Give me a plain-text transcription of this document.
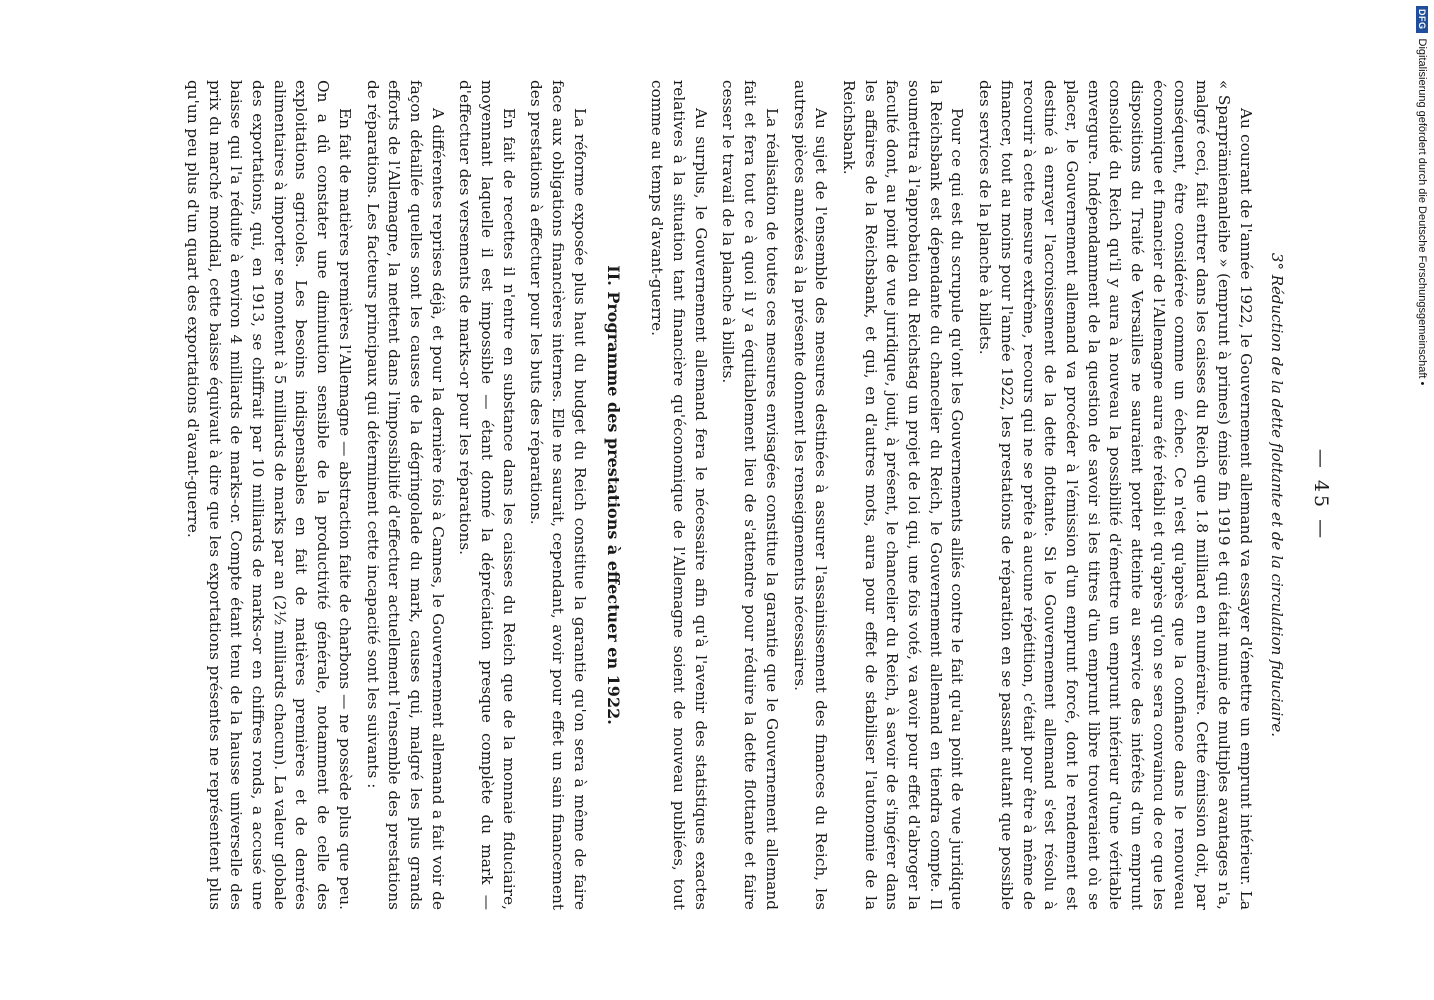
— 45 —
3° Réduction de la dette flottante et de la circulation fiduciaire.

Au courant de l'année 1922, le Gouvernement allemand va essayer d'émettre un emprunt intérieur. La « Sparprämienanleihe » (emprunt à primes) émise fin 1919 et qui était munie de multiples avantages n'a, malgré ceci, fait entrer dans les caisses du Reich que 1.8 milliard en numéraire. Cette émission doit, par conséquent, être considérée comme un échec. Ce n'est qu'après que la confiance dans le renouveau économique et financier de l'Allemagne aura été rétabli et qu'après qu'on se sera convaincu de ce que les dispositions du Traité de Versailles ne sauraient porter atteinte au service des intérêts d'un emprunt consolidé du Reich qu'il y aura à nouveau la possibilité d'émettre un emprunt intérieur d'une véritable envergure. Indépendamment de la question de savoir si les titres d'un emprunt libre trouveraient où se placer, le Gouvernement allemand va procéder à l'émission d'un emprunt forcé, dont le rendement est destiné à enrayer l'accroissement de la dette flottante. Si le Gouvernement allemand s'est résolu à recourir à cette mesure extrême, recours qui ne se prête à aucune répétition, c'était pour être à même de financer, tout au moins pour l'année 1922, les prestations de réparation en se passant autant que possible des services de la planche à billets.

Pour ce qui est du scrupule qu'ont les Gouvernements alliés contre le fait qu'au point de vue juridique la Reichsbank est dépendante du chancelier du Reich, le Gouvernement allemand en tiendra compte. Il soumettra à l'approbation du Reichstag un projet de loi qui, une fois voté, va avoir pour effet d'abroger la faculté dont, au point de vue juridique, jouit, à présent, le chancelier du Reich, à savoir de s'ingérer dans les affaires de la Reichsbank, et qui, en d'autres mots, aura pour effet de stabiliser l'autonomie de la Reichsbank.

Au sujet de l'ensemble des mesures destinées à assurer l'assainissement des finances du Reich, les autres pièces annexées à la présente donnent les renseignements nécessaires.

La réalisation de toutes ces mesures envisagées constitue la garantie que le Gouvernement allemand fait et fera tout ce à quoi il y a équitablement lieu de s'attendre pour réduire la dette flottante et faire cesser le travail de la planche à billets.

Au surplus, le Gouvernement allemand fera le nécessaire afin qu'à l'avenir des statistiques exactes relatives à la situation tant financière qu'économique de l'Allemagne soient de nouveau publiées, tout comme au temps d'avant-guerre.

II. Programme des prestations à effectuer en 1922.

La réforme exposée plus haut du budget du Reich constitue la garantie qu'on sera à même de faire face aux obligations financières internes. Elle ne saurait, cependant, avoir pour effet un sain financement des prestations à effectuer pour les buts des réparations.

En fait de recettes il n'entre en substance dans les caisses du Reich que de la monnaie fiduciaire, moyennant laquelle il est impossible — étant donné la dépréciation presque complète du mark — d'effectuer des versements de marks-or pour les réparations.

A différentes reprises déjà, et pour la dernière fois à Cannes, le Gouvernement allemand a fait voir de façon détaillée quelles sont les causes de la dégringolade du mark, causes qui, malgré les plus grands efforts de l'Allemagne, la mettent dans l'impossibilité d'effectuer actuellement l'ensemble des prestations de réparations. Les facteurs principaux qui déterminent cette incapacité sont les suivants :

En fait de matières premières l'Allemagne — abstraction faite de charbons — ne possède plus que peu. On a dû constater une diminution sensible de la productivité générale, notamment de celle des exploitations agricoles. Les besoins indispensables en fait de matières premières et de denrées alimentaires à importer se montent à 5 milliards de marks par an (2½ milliards chacun). La valeur globale des exportations, qui, en 1913, se chiffrait par 10 milliards de marks-or en chiffres ronds, a accusé une baisse qui l'a réduite à environ 4 milliards de marks-or. Compte étant tenu de la hausse universelle des prix du marché mondial, cette baisse équivaut à dire que les exportations présentes ne représentent plus qu'un peu plus d'un quart des exportations d'avant-guerre.	Digitalisierung gefördert durch die Deutsche Forschungsgemeinschaft •
DFG
